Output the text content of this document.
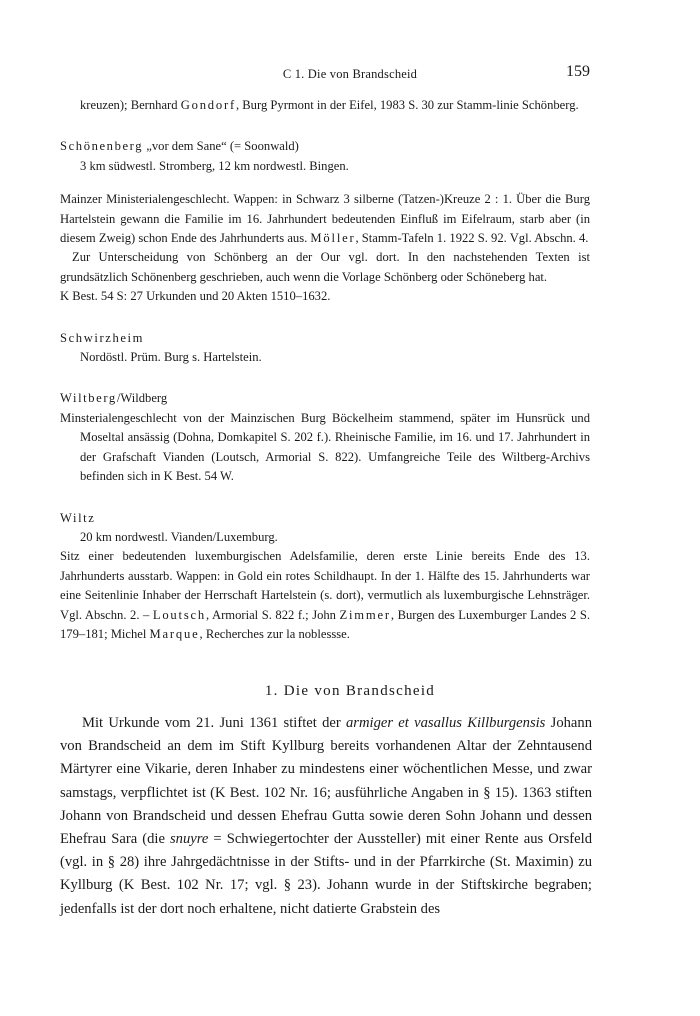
C 1. Die von Brandscheid	159

kreuzen); Bernhard Gondorf, Burg Pyrmont in der Eifel, 1983 S. 30 zur Stamm-linie Schönberg.

Schönenberg „vor dem Sane“ (= Soonwald)

3 km südwestl. Stromberg, 12 km nordwestl. Bingen.

Mainzer Ministerialengeschlecht. Wappen: in Schwarz 3 silberne (Tatzen-)Kreuze 2 : 1. Über die Burg Hartelstein gewann die Familie im 16. Jahrhundert bedeutenden Einfluß im Eifelraum, starb aber (in diesem Zweig) schon Ende des Jahrhunderts aus. Möller, Stamm-Tafeln 1. 1922 S. 92. Vgl. Abschn. 4.

Zur Unterscheidung von Schönberg an der Our vgl. dort. In den nachstehenden Texten ist grundsätzlich Schönenberg geschrieben, auch wenn die Vorlage Schönberg oder Schöneberg hat.

K Best. 54 S: 27 Urkunden und 20 Akten 1510–1632.

Schwirzheim

Nordöstl. Prüm. Burg s. Hartelstein.

Wiltberg/Wildberg

Minsterialengeschlecht von der Mainzischen Burg Böckelheim stammend, später im Hunsrück und Moseltal ansässig (Dohna, Domkapitel S. 202 f.). Rheinische Familie, im 16. und 17. Jahrhundert in der Grafschaft Vianden (Loutsch, Armorial S. 822). Umfangreiche Teile des Wiltberg-Archivs befinden sich in K Best. 54 W.

Wiltz

20 km nordwestl. Vianden/Luxemburg.

Sitz einer bedeutenden luxemburgischen Adelsfamilie, deren erste Linie bereits Ende des 13. Jahrhunderts ausstarb. Wappen: in Gold ein rotes Schildhaupt. In der 1. Hälfte des 15. Jahrhunderts war eine Seitenlinie Inhaber der Herrschaft Hartelstein (s. dort), vermutlich als luxemburgische Lehnsträger. Vgl. Abschn. 2. – Loutsch, Armorial S. 822 f.; John Zimmer, Burgen des Luxemburger Landes 2 S. 179–181; Michel Marque, Recherches zur la noblessse.

1. Die von Brandscheid

Mit Urkunde vom 21. Juni 1361 stiftet der armiger et vasallus Killburgensis Johann von Brandscheid an dem im Stift Kyllburg bereits vorhandenen Altar der Zehntausend Märtyrer eine Vikarie, deren Inhaber zu mindestens einer wöchentlichen Messe, und zwar samstags, verpflichtet ist (K Best. 102 Nr. 16; ausführliche Angaben in § 15). 1363 stiften Johann von Brandscheid und dessen Ehefrau Gutta sowie deren Sohn Johann und dessen Ehefrau Sara (die snuyre = Schwiegertochter der Aussteller) mit einer Rente aus Orsfeld (vgl. in § 28) ihre Jahrgedächtnisse in der Stifts- und in der Pfarrkirche (St. Maximin) zu Kyllburg (K Best. 102 Nr. 17; vgl. § 23). Johann wurde in der Stiftskirche begraben; jedenfalls ist der dort noch erhaltene, nicht datierte Grabstein des
